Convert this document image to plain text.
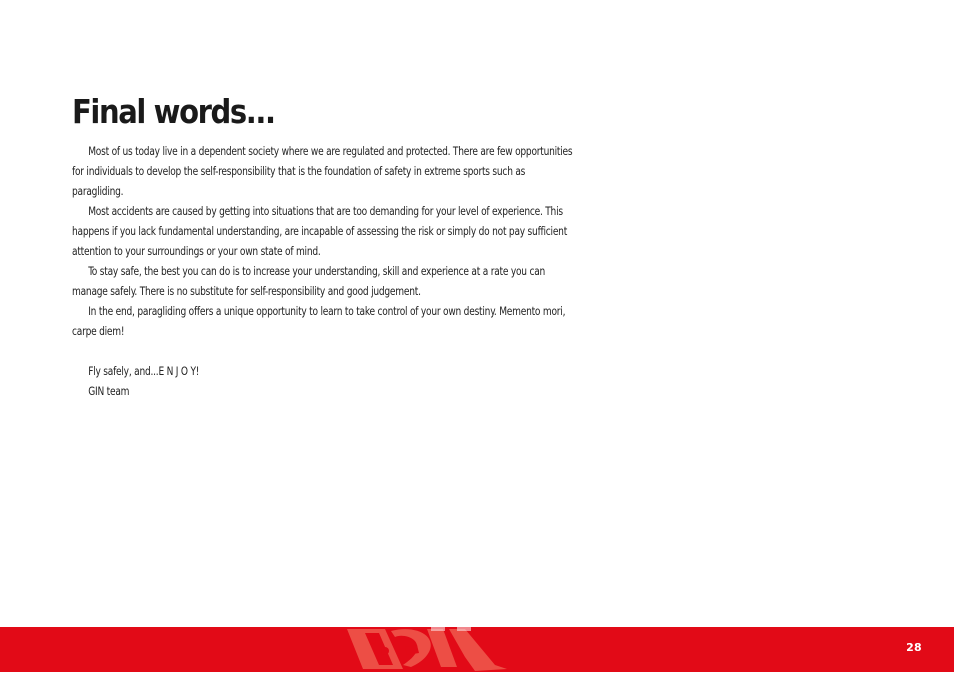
Final words...

Most of us today live in a dependent society where we are regulated and protected. There are few opportunities for individuals to develop the self-responsibility that is the foundation of safety in extreme sports such as paragliding.

Most accidents are caused by getting into situations that are too demanding for your level of experience. This happens if you lack fundamental understanding, are incapable of assessing the risk or simply do not pay sufficient attention to your surroundings or your own state of mind.

To stay safe, the best you can do is to increase your understanding, skill and experience at a rate you can manage safely. There is no substitute for self-responsibility and good judgement.

In the end, paragliding offers a unique opportunity to learn to take control of your own destiny. Memento mori, carpe diem!

Fly safely, and...E N J O Y!
GIN team
28
